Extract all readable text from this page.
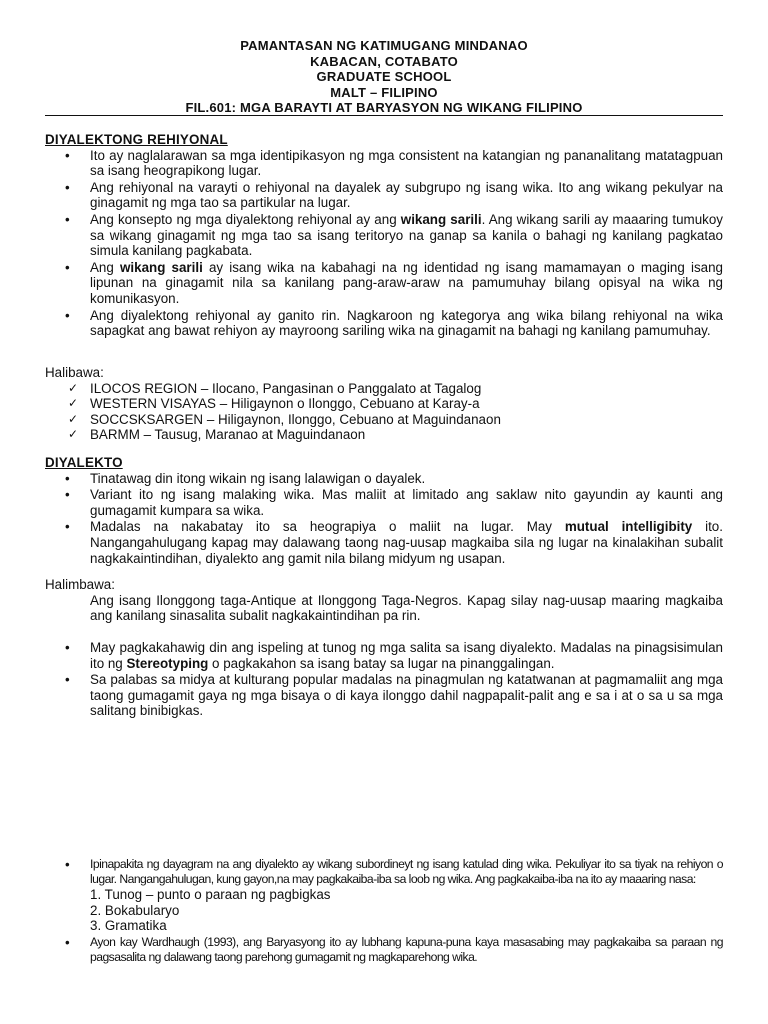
PAMANTASAN NG KATIMUGANG MINDANAO
KABACAN, COTABATO
GRADUATE SCHOOL
MALT – FILIPINO
FIL.601: MGA BARAYTI AT BARYASYON NG WIKANG FILIPINO
DIYALEKTONG REHIYONAL
• Ito ay naglalarawan sa mga identipikasyon ng mga consistent na katangian ng pananalitang matatagpuan sa isang heograpikong lugar.
• Ang rehiyonal na varayti o rehiyonal na dayalek ay subgrupo ng isang wika. Ito ang wikang pekulyar na ginagamit ng mga tao sa partikular na lugar.
• Ang konsepto ng mga diyalektong rehiyonal ay ang wikang sarili. Ang wikang sarili ay maaaring tumukoy sa wikang ginagamit ng mga tao sa isang teritoryo na ganap sa kanila o bahagi ng kanilang pagkatao simula kanilang pagkabata.
• Ang wikang sarili ay isang wika na kabahagi na ng identidad ng isang mamamayan o maging isang lipunan na ginagamit nila sa kanilang pang-araw-araw na pamumuhay bilang opisyal na wika ng komunikasyon.
• Ang diyalektong rehiyonal ay ganito rin. Nagkaroon ng kategorya ang wika bilang rehiyonal na wika sapagkat ang bawat rehiyon ay mayroong sariling wika na ginagamit na bahagi ng kanilang pamumuhay.
Halibawa:
✓ ILOCOS REGION – Ilocano, Pangasinan o Panggalato at Tagalog
✓ WESTERN VISAYAS – Hiligaynon o Ilonggo, Cebuano at Karay-a
✓ SOCCSKSARGEN – Hiligaynon, Ilonggo, Cebuano at Maguindanaon
✓ BARMM – Tausug, Maranao at Maguindanaon
DIYALEKTO
• Tinatawag din itong wikain ng isang lalawigan o dayalek.
• Variant ito ng isang malaking wika. Mas maliit at limitado ang saklaw nito gayundin ay kaunti ang gumagamit kumpara sa wika.
• Madalas na nakabatay ito sa heograpiya o maliit na lugar. May mutual intelligibity ito. Nangangahulugang kapag may dalawang taong nag-uusap magkaiba sila ng lugar na kinalakihan subalit nagkakaintindihan, diyalekto ang gamit nila bilang midyum ng usapan.
Halimbawa:
Ang isang Ilonggong taga-Antique at Ilonggong Taga-Negros. Kapag silay nag-uusap maaring magkaiba ang kanilang sinasalita subalit nagkakaintindihan pa rin.
• May pagkakahawig din ang ispeling at tunog ng mga salita sa isang diyalekto. Madalas na pinagsisimulan ito ng Stereotyping o pagkakahon sa isang batay sa lugar na pinanggalingan.
• Sa palabas sa midya at kulturang popular madalas na pinagmulan ng katatwanan at pagmamaliit ang mga taong gumagamit gaya ng mga bisaya o di kaya ilonggo dahil nagpapalit-palit ang e sa i at o sa u sa mga salitang binibigkas.
• Ipinapakita ng dayagram na ang diyalekto ay wikang subordineyt ng isang katulad ding wika. Pekuliyar ito sa tiyak na rehiyon o lugar. Nangangahulugan, kung gayon,na may pagkakaiba-iba sa loob ng wika. Ang pagkakaiba-iba na ito ay maaaring nasa:
1. Tunog – punto o paraan ng pagbigkas
2. Bokabularyo
3. Gramatika
• Ayon kay Wardhaugh (1993), ang Baryasyong ito ay lubhang kapuna-puna kaya masasabing may pagkakaiba sa paraan ng pagsasalita ng dalawang taong parehong gumagamit ng magkaparehong wika.
